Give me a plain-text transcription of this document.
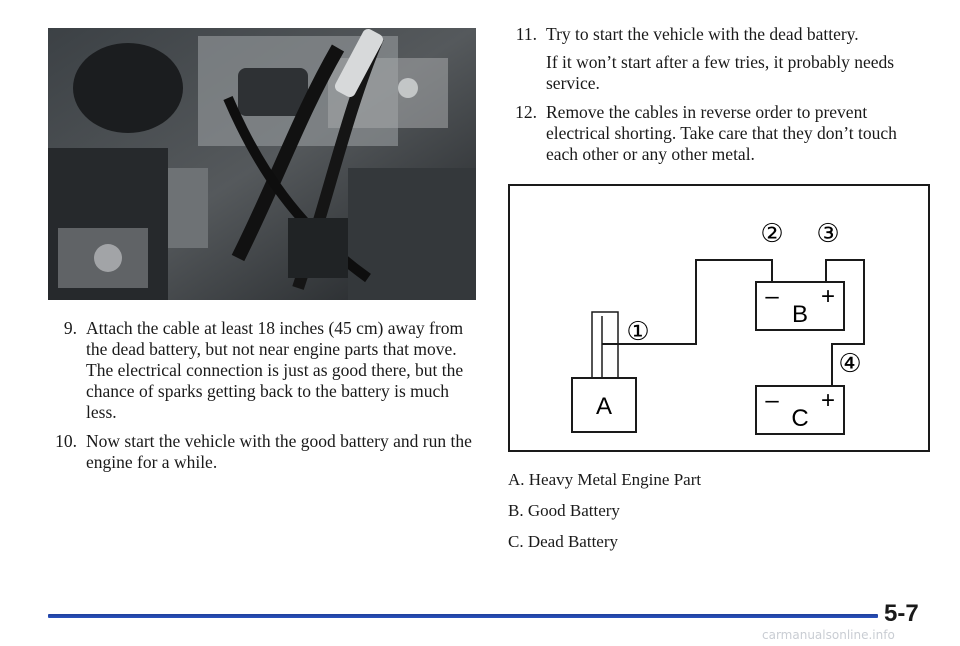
9. Attach the cable at least 18 inches (45 cm) away from the dead battery, but not near engine parts that move. The electrical connection is just as good there, but the chance of sparks getting back to the battery is much less.
10. Now start the vehicle with the good battery and run the engine for a while.
11. Try to start the vehicle with the dead battery.
If it won’t start after a few tries, it probably needs service.
12. Remove the cables in reverse order to prevent electrical shorting. Take care that they don’t touch each other or any other metal.
A
– +
B
– +
C
①
② ③
④
A. Heavy Metal Engine Part
B. Good Battery
C. Dead Battery
5-7
carmanualsonline.info
